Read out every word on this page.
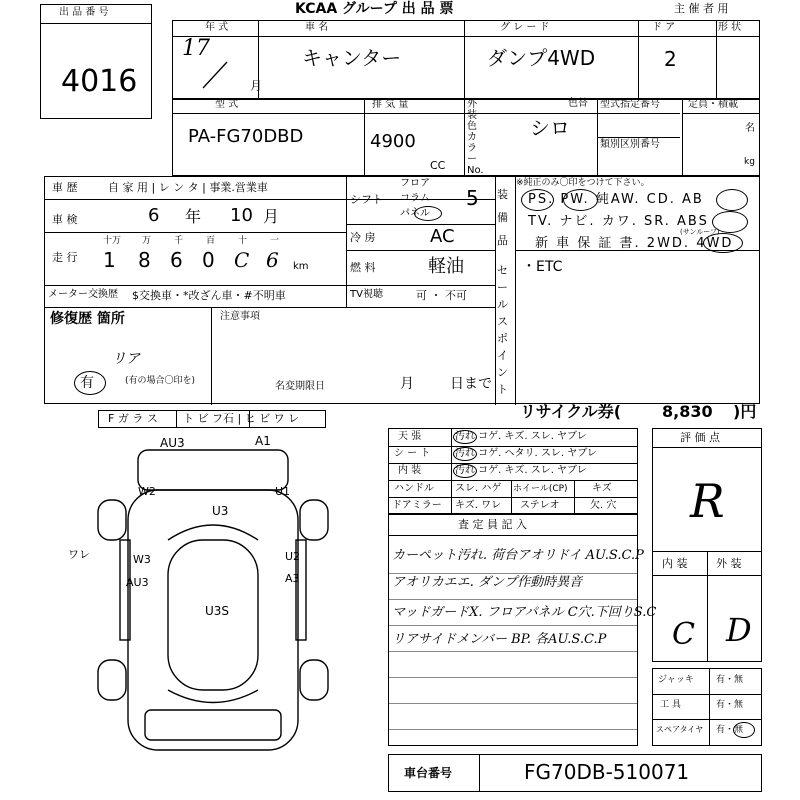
出 品 番 号
4016
KCAA グループ 出 品 票	主 催 者 用
年 式	車 名	グ レ ー ド	ド ア	形 状
17
月
キャンター	ダンプ4WD	2
型 式	排 気 量
PA-FG70DBD	4900
CC
外装色カラーNo.
色替
シロ
型式指定番号
類別区別番号
定員・積載
名
kg
車 歴	自 家 用 | レ ン タ | 事業.営業車
車 検	6 年 10 月
走 行
十万 万	千	百	十	一
1 8 6 0 C 6 km
メーター交換歴 $交換車・*改ざん車・#不明車	TV視聴	可 ・ 不可
シフト
フロア
コラム
パネル
5
冷 房	AC
燃 料	軽油
装備品
※純正のみ〇印をつけて下さい。
PS. PW. 純AW. CD. AB
TV. ナビ. カワ. SR. ABS
(サンルーフ)
新 車 保 証 書. 2WD. 4WD
セールスポイント
・ETC
修復歴 箇所	注意事項
リア
有	(有の場合〇印を)	名変期限日	月	日まで
リサイクル券(	8,830 )円
F ガ ラ ス ト ビ フ石 | ヒ ビ ワ レ
AU3	A1
W2	U1
U3
W3
AU3
U2
A3
U3S
ワレ
天 張	汚れ コゲ. キズ. スレ. ヤブレ
シ ー ト 汚れ コゲ. ヘタリ. スレ. ヤブレ
内 装	汚れ コゲ. キズ. スレ. ヤブレ
ハンドル スレ. ハゲ ホイール(CP) キズ
ドアミラー キズ. ワレ ステレオ	欠. 穴
査 定 員 記 入
カーペット汚れ. 荷台アオリドイ AU.S.C.P
アオリカエエ. ダンプ作動時異音
マッドガードX. フロアパネル C穴.下回りS.C
リアサイドメンバー BP. 各AU.S.C.P
評 価 点
R
内 装	外 装
C D
ジャッキ 有・無
工 具	有・無
スペアタイヤ 有・無
車台番号	FG70DB-510071
